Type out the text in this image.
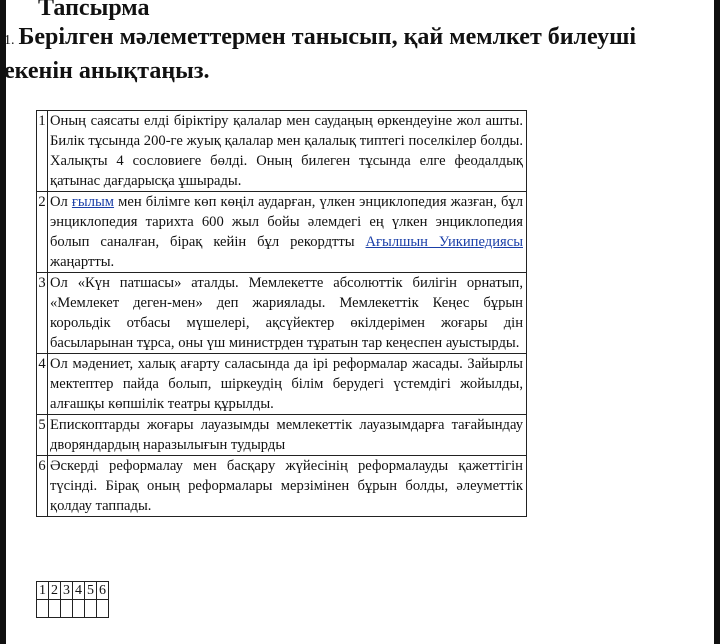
Тапсырма
1. Берілген мәлеметтермен танысып, қай мемлкет билеуші екенін анықтаңыз.
1	Оның саясаты елді біріктіру қалалар мен саудаңың өркендеуіне жол ашты. Билік тұсында 200-ге жуық қалалар мен қалалық типтегі поселкілер болды. Халықты 4 сословиеге бөлді. Оның билеген тұсында елге феодалдық қатынас дағдарысқа ұшырады.
2	Ол ғылым мен білімге көп көңіл аударған, үлкен энциклопедия жазған, бұл энциклопедия тарихта 600 жыл бойы әлемдегі ең үлкен энциклопедия болып саналған, бірақ кейін бұл рекордтты Ағылшын Уикипедиясы жаңартты.
3	Ол «Күн патшасы» аталды. Мемлекетте абсолюттік билігін орнатып, «Мемлекет деген-мен» деп жариялады. Мемлекеттік Кеңес бұрын корольдік отбасы мүшелері, ақсүйектер өкілдерімен жоғары дін басыларынан тұрса, оны үш министрден тұратын тар кеңеспен ауыстырды.
4	Ол мәдениет, халық ағарту саласында да ірі реформалар жасады. Зайырлы мектептер пайда болып, шіркеудің білім берудегі үстемдігі жойылды, алғашқы көпшілік театры құрылды.
5	Епископтарды жоғары лауазымды мемлекеттік лауазымдарға тағайындау дворяндардың наразылығын тудырды
6	Әскерді реформалау мен басқару жүйесінің реформалауды қажеттігін түсінді. Бірақ оның реформалары мерзімінен бұрын болды, әлеуметтік қолдау таппады.
1	2	3	4	5	6
